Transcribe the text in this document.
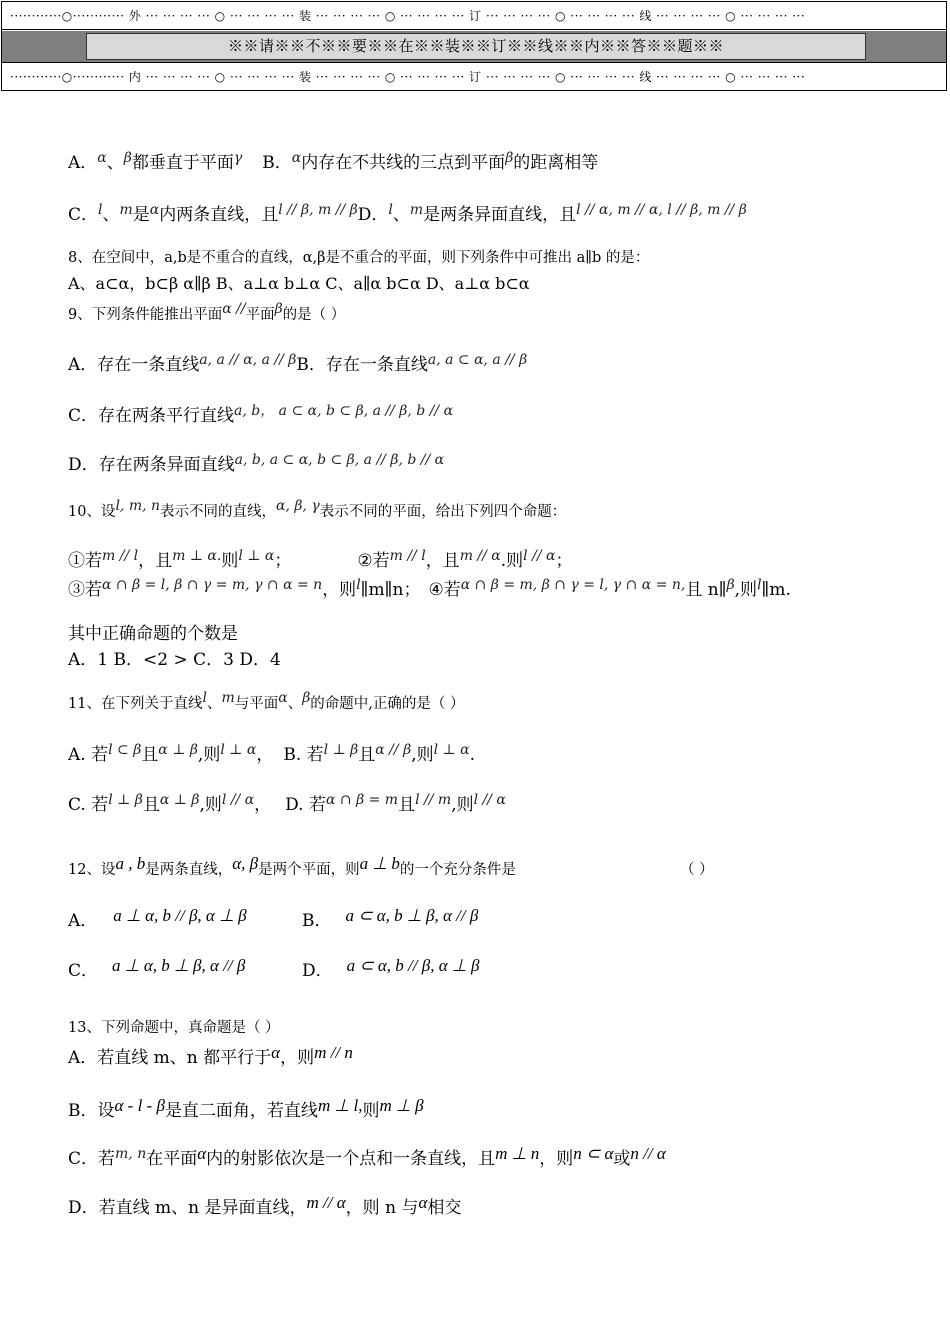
············○············ 外 ··· ··· ··· ··· ○ ··· ··· ··· ··· 装 ··· ··· ··· ··· ○ ··· ··· ··· ··· 订 ··· ··· ··· ··· ○ ··· ··· ··· ··· 线 ··· ··· ··· ··· ○ ··· ··· ··· ···
※※请※※不※※要※※在※※装※※订※※线※※内※※答※※题※※
············○············ 内 ··· ··· ··· ··· ○ ··· ··· ··· ··· 装 ··· ··· ··· ··· ○ ··· ··· ··· ··· 订 ··· ··· ··· ··· ○ ··· ··· ··· ··· 线 ··· ··· ··· ··· ○ ··· ··· ··· ···
A．$^\alpha$、$^\beta$都垂直于平面$^\gamma$ B．$^\alpha$内存在不共线的三点到平面$^\beta$的距离相等
C．$^l$、$^m$是$^\alpha$内两条直线，且$^{l // \beta, m // \beta}$D．$^l$、$^m$是两条异面直线，且$^{l // \alpha, m // \alpha, l // \beta, m // \beta}$
8、在空间中，a,b是不重合的直线，α,β是不重合的平面，则下列条件中可推出 a∥b 的是：
A、a⊂α，b⊂β α∥β B、a⊥α b⊥α C、a∥α b⊂α D、a⊥α b⊂α
9、下列条件能推出平面α //平面β的是（ ）
A．存在一条直线$^{a, a // \alpha, a // \beta}$B．存在一条直线$^{a, a \subset \alpha, a // \beta}$
C．存在两条平行直线$^{a, b, a \subset \alpha, b \subset \beta, a // \beta, b // \alpha}$
D．存在两条异面直线$^{a, b, a \subset \alpha, b \subset \beta, a // \beta, b // \alpha}$
10、设l, m, n表示不同的直线，α, β, γ表示不同的平面，给出下列四个命题：
①若$^{m // l}$，且$^{m \perp \alpha.}$则$^{l \perp \alpha}$；	②若$^{m // l}$，且$^{m // \alpha}$.则$^{l // \alpha}$；
③若$^{\alpha \cap \beta = l, \beta \cap \gamma = m, \gamma \cap \alpha = n}$，则$^l$∥m∥n； ④若$^{\alpha \cap \beta = m, \beta \cap \gamma = l, \gamma \cap \alpha = n,}$且 n∥$^\beta$,则$^l$∥m.
其中正确命题的个数是
A．1 B．<2 > C．3 D．4
11、在下列关于直线l、m与平面α、β的命题中,正确的是（ ）
A. 若$^{l \subset \beta}$且$^{\alpha \perp \beta}$,则$^{l \perp \alpha}$， B. 若$^{l \perp \beta}$且$^{\alpha // \beta}$,则$^{l \perp \alpha}$.
C. 若$^{l \perp \beta}$且$^{\alpha \perp \beta}$,则$^{l // \alpha}$， D. 若$^{\alpha \cap \beta = m}$且$^{l // m}$,则$^{l // \alpha}$
12、设a , b是两条直线，α, β是两个平面，则a ⊥ b的一个充分条件是	（ ）
A． a ⊥ α, b // β, α ⊥ β	B． a ⊂ α, b ⊥ β, α // β
C． a ⊥ α, b ⊥ β, α // β	D． a ⊂ α, b // β, α ⊥ β
13、下列命题中，真命题是（ ）
A．若直线 m、n 都平行于α，则m // n
B．设α - l - β是直二面角，若直线m ⊥ l,则m ⊥ β
C．若$^{m, n}$在平面α内的射影依次是一个点和一条直线，且m ⊥ n，则n ⊂ α或n // α
D．若直线 m、n 是异面直线，m // α，则 n 与α相交
